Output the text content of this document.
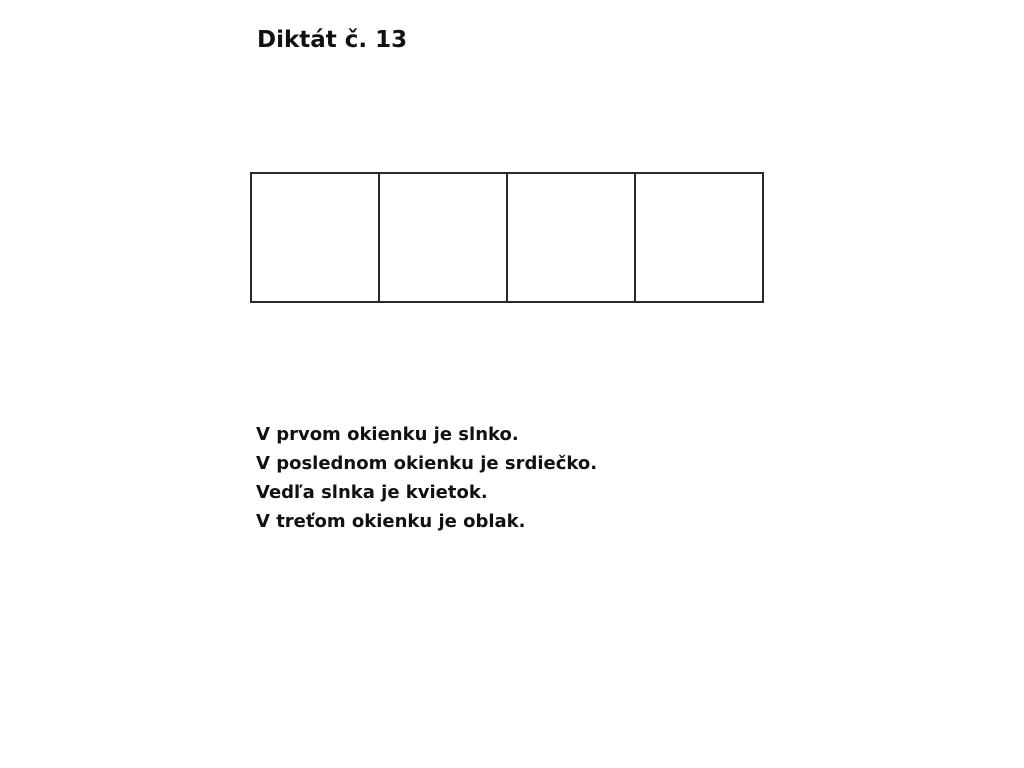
Diktát č. 13
V prvom okienku je slnko.
V poslednom okienku je srdiečko.
Vedľa slnka je kvietok.
V treťom okienku je oblak.
